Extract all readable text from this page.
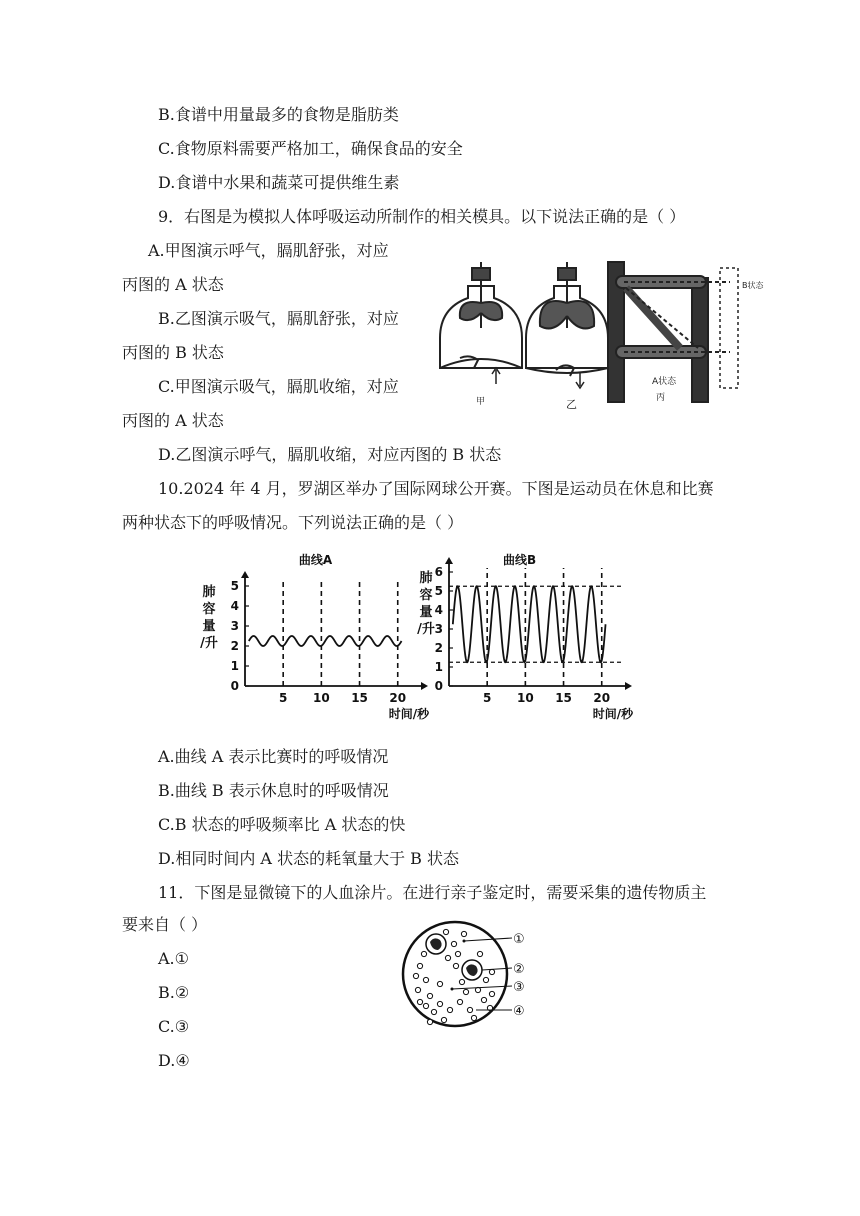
B.食谱中用量最多的食物是脂肪类
C.食物原料需要严格加工，确保食品的安全
D.食谱中水果和蔬菜可提供维生素
9．右图是为模拟人体呼吸运动所制作的相关模具。以下说法正确的是（ ）
A.甲图演示呼气，膈肌舒张，对应
丙图的 A 状态
B.乙图演示吸气，膈肌舒张，对应
丙图的 B 状态
C.甲图演示吸气，膈肌收缩，对应
丙图的 A 状态
D.乙图演示呼气，膈肌收缩，对应丙图的 B 状态
甲	乙
A状态
丙
B状态
10.2024 年 4 月，罗湖区举办了国际网球公开赛。下图是运动员在休息和比赛
两种状态下的呼吸情况。下列说法正确的是（ ）
曲线A
肺
容
量
/升
0
1
2
3
4
5
5 10 15 20
时间/秒
曲线B
肺
容
量
/升
0
1
2
3
4
5
6
5 10 15 20
时间/秒
A.曲线 A 表示比赛时的呼吸情况
B.曲线 B 表示休息时的呼吸情况
C.B 状态的呼吸频率比 A 状态的快
D.相同时间内 A 状态的耗氧量大于 B 状态
11．下图是显微镜下的人血涂片。在进行亲子鉴定时，需要采集的遗传物质主
要来自（ ）
A.①
B.②
C.③
D.④
①
②
③
④
